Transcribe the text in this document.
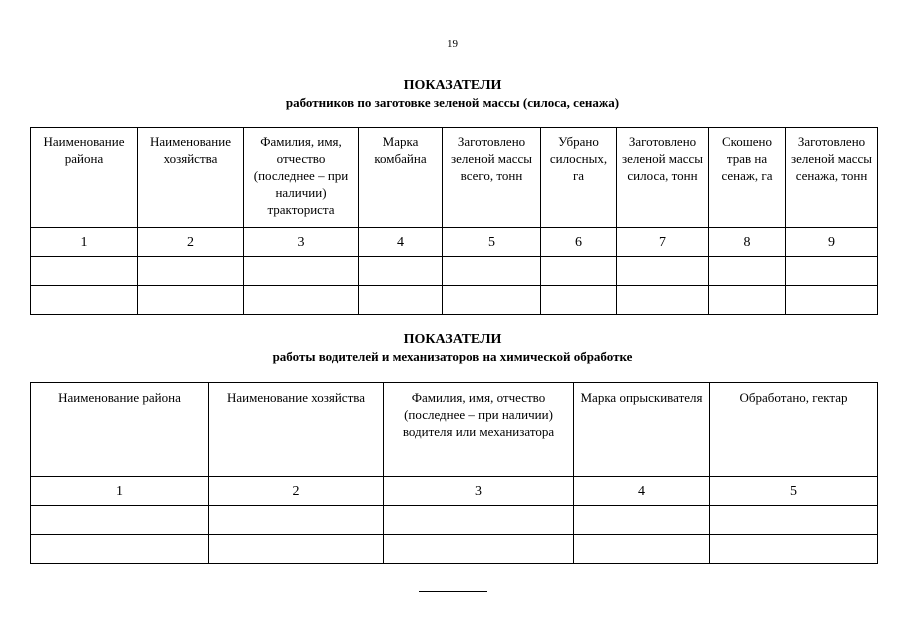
19
ПОКАЗАТЕЛИ
работников по заготовке зеленой массы (силоса, сенажа)
Наименование района	Наименование хозяйства	Фамилия, имя, отчество (последнее – при наличии) тракториста	Марка комбайна	Заготовлено зеленой массы всего, тонн	Убрано силосных, га	Заготовлено зеленой массы силоса, тонн	Скошено трав на сенаж, га	Заготовлено зеленой массы сенажа, тонн
1	2	3	4	5	6	7	8	9

ПОКАЗАТЕЛИ
работы водителей и механизаторов на химической обработке
Наименование района	Наименование хозяйства	Фамилия, имя, отчество (последнее – при наличии) водителя или механизатора	Марка опрыскивателя	Обработано, гектар
1	2	3	4	5
